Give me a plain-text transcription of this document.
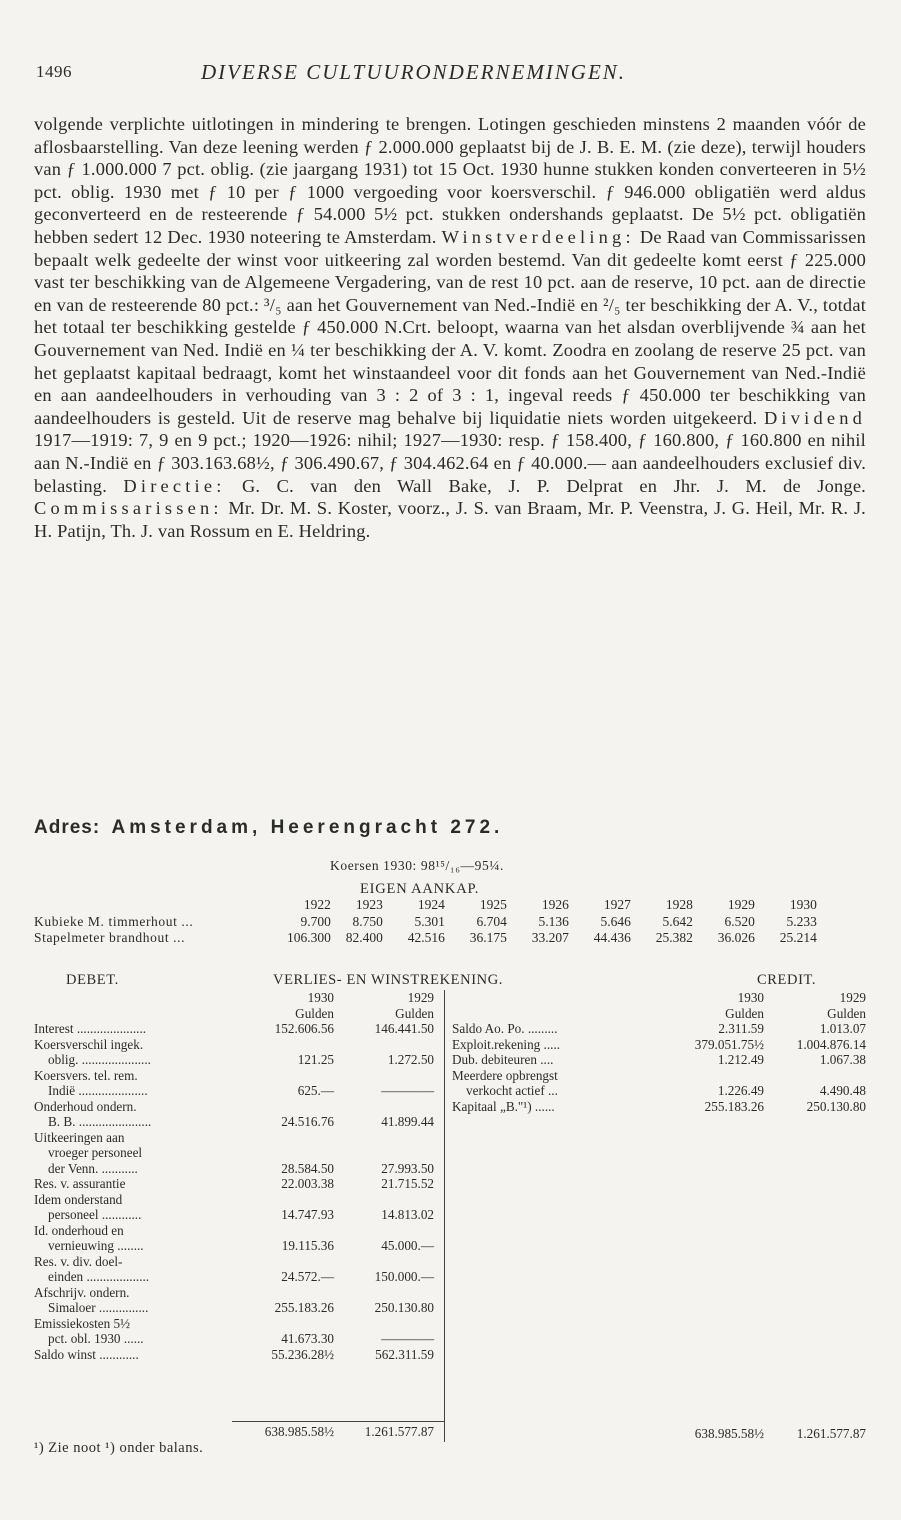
1496	DIVERSE CULTUURONDERNEMINGEN.
volgende verplichte uitlotingen in mindering te brengen. Lotingen geschieden minstens 2 maanden vóór de aflosbaarstelling. Van deze leening werden ƒ 2.000.000 geplaatst bij de J. B. E. M. (zie deze), terwijl houders van ƒ 1.000.000 7 pct. oblig. (zie jaargang 1931) tot 15 Oct. 1930 hunne stukken konden converteeren in 5½ pct. oblig. 1930 met ƒ 10 per ƒ 1000 vergoeding voor koersverschil. ƒ 946.000 obligatiën werd aldus geconverteerd en de resteerende ƒ 54.000 5½ pct. stukken ondershands geplaatst. De 5½ pct. obligatiën hebben sedert 12 Dec. 1930 noteering te Amsterdam. Winstverdeeling: De Raad van Commissarissen bepaalt welk gedeelte der winst voor uitkeering zal worden bestemd. Van dit gedeelte komt eerst ƒ 225.000 vast ter beschikking van de Algemeene Vergadering, van de rest 10 pct. aan de reserve, 10 pct. aan de directie en van de resteerende 80 pct.: ³/₅ aan het Gouvernement van Ned.-Indië en ²/₅ ter beschikking der A. V., totdat het totaal ter beschikking gestelde ƒ 450.000 N.Crt. beloopt, waarna van het alsdan overblijvende ¾ aan het Gouvernement van Ned. Indië en ¼ ter beschikking der A. V. komt. Zoodra en zoolang de reserve 25 pct. van het geplaatst kapitaal bedraagt, komt het winstaandeel voor dit fonds aan het Gouvernement van Ned.-Indië en aan aandeelhouders in verhouding van 3 : 2 of 3 : 1, ingeval reeds ƒ 450.000 ter beschikking van aandeelhouders is gesteld. Uit de reserve mag behalve bij liquidatie niets worden uitgekeerd. Dividend 1917—1919: 7, 9 en 9 pct.; 1920—1926: nihil; 1927—1930: resp. ƒ 158.400, ƒ 160.800, ƒ 160.800 en nihil aan N.-Indië en ƒ 303.163.68½, ƒ 306.490.67, ƒ 304.462.64 en ƒ 40.000.— aan aandeelhouders exclusief div. belasting. Directie: G. C. van den Wall Bake, J. P. Delprat en Jhr. J. M. de Jonge. Commissarissen: Mr. Dr. M. S. Koster, voorz., J. S. van Braam, Mr. P. Veenstra, J. G. Heil, Mr. R. J. H. Patijn, Th. J. van Rossum en E. Heldring.
Adres: Amsterdam, Heerengracht 272.
Koersen 1930: 98¹⁵/₁₆—95¼.
EIGEN AANKAP.
	1922	1923	1924	1925	1926	1927	1928	1929	1930
Kubieke M. timmerhout ...	9.700	8.750	5.301	6.704	5.136	5.646	5.642	6.520	5.233
Stapelmeter brandhout ...	106.300	82.400	42.516	36.175	33.207	44.436	25.382	36.026	25.214
DEBET.	VERLIES- EN WINSTREKENING.	CREDIT.
	1930	1929
	Gulden	Gulden
Interest .....................	152.606.56	146.441.50
Koersverschil ingek.		
oblig. .....................	121.25	1.272.50
Koersvers. tel. rem.		
Indië .....................	625.—	————
Onderhoud ondern.		
B. B. ......................	24.516.76	41.899.44
Uitkeeringen aan		
vroeger personeel		
der Venn. ...........	28.584.50	27.993.50
Res. v. assurantie	22.003.38	21.715.52
Idem onderstand		
personeel ............	14.747.93	14.813.02
Id. onderhoud en		
vernieuwing ........	19.115.36	45.000.—
Res. v. div. doel-		
einden ...................	24.572.—	150.000.—
Afschrijv. ondern.		
Simaloer ...............	255.183.26	250.130.80
Emissiekosten 5½		
pct. obl. 1930 ......	41.673.30	————
Saldo winst ............	55.236.28½	562.311.59
	1930	1929
	Gulden	Gulden
Saldo Ao. Po. .........	2.311.59	1.013.07
Exploit.rekening .....	379.051.75½	1.004.876.14
Dub. debiteuren ....	1.212.49	1.067.38
Meerdere opbrengst		
verkocht actief ...	1.226.49	4.490.48
Kapitaal „B."¹) ......	255.183.26	250.130.80
638.985.58½ 1.261.577.87	638.985.58½ 1.261.577.87
¹) Zie noot ¹) onder balans.
